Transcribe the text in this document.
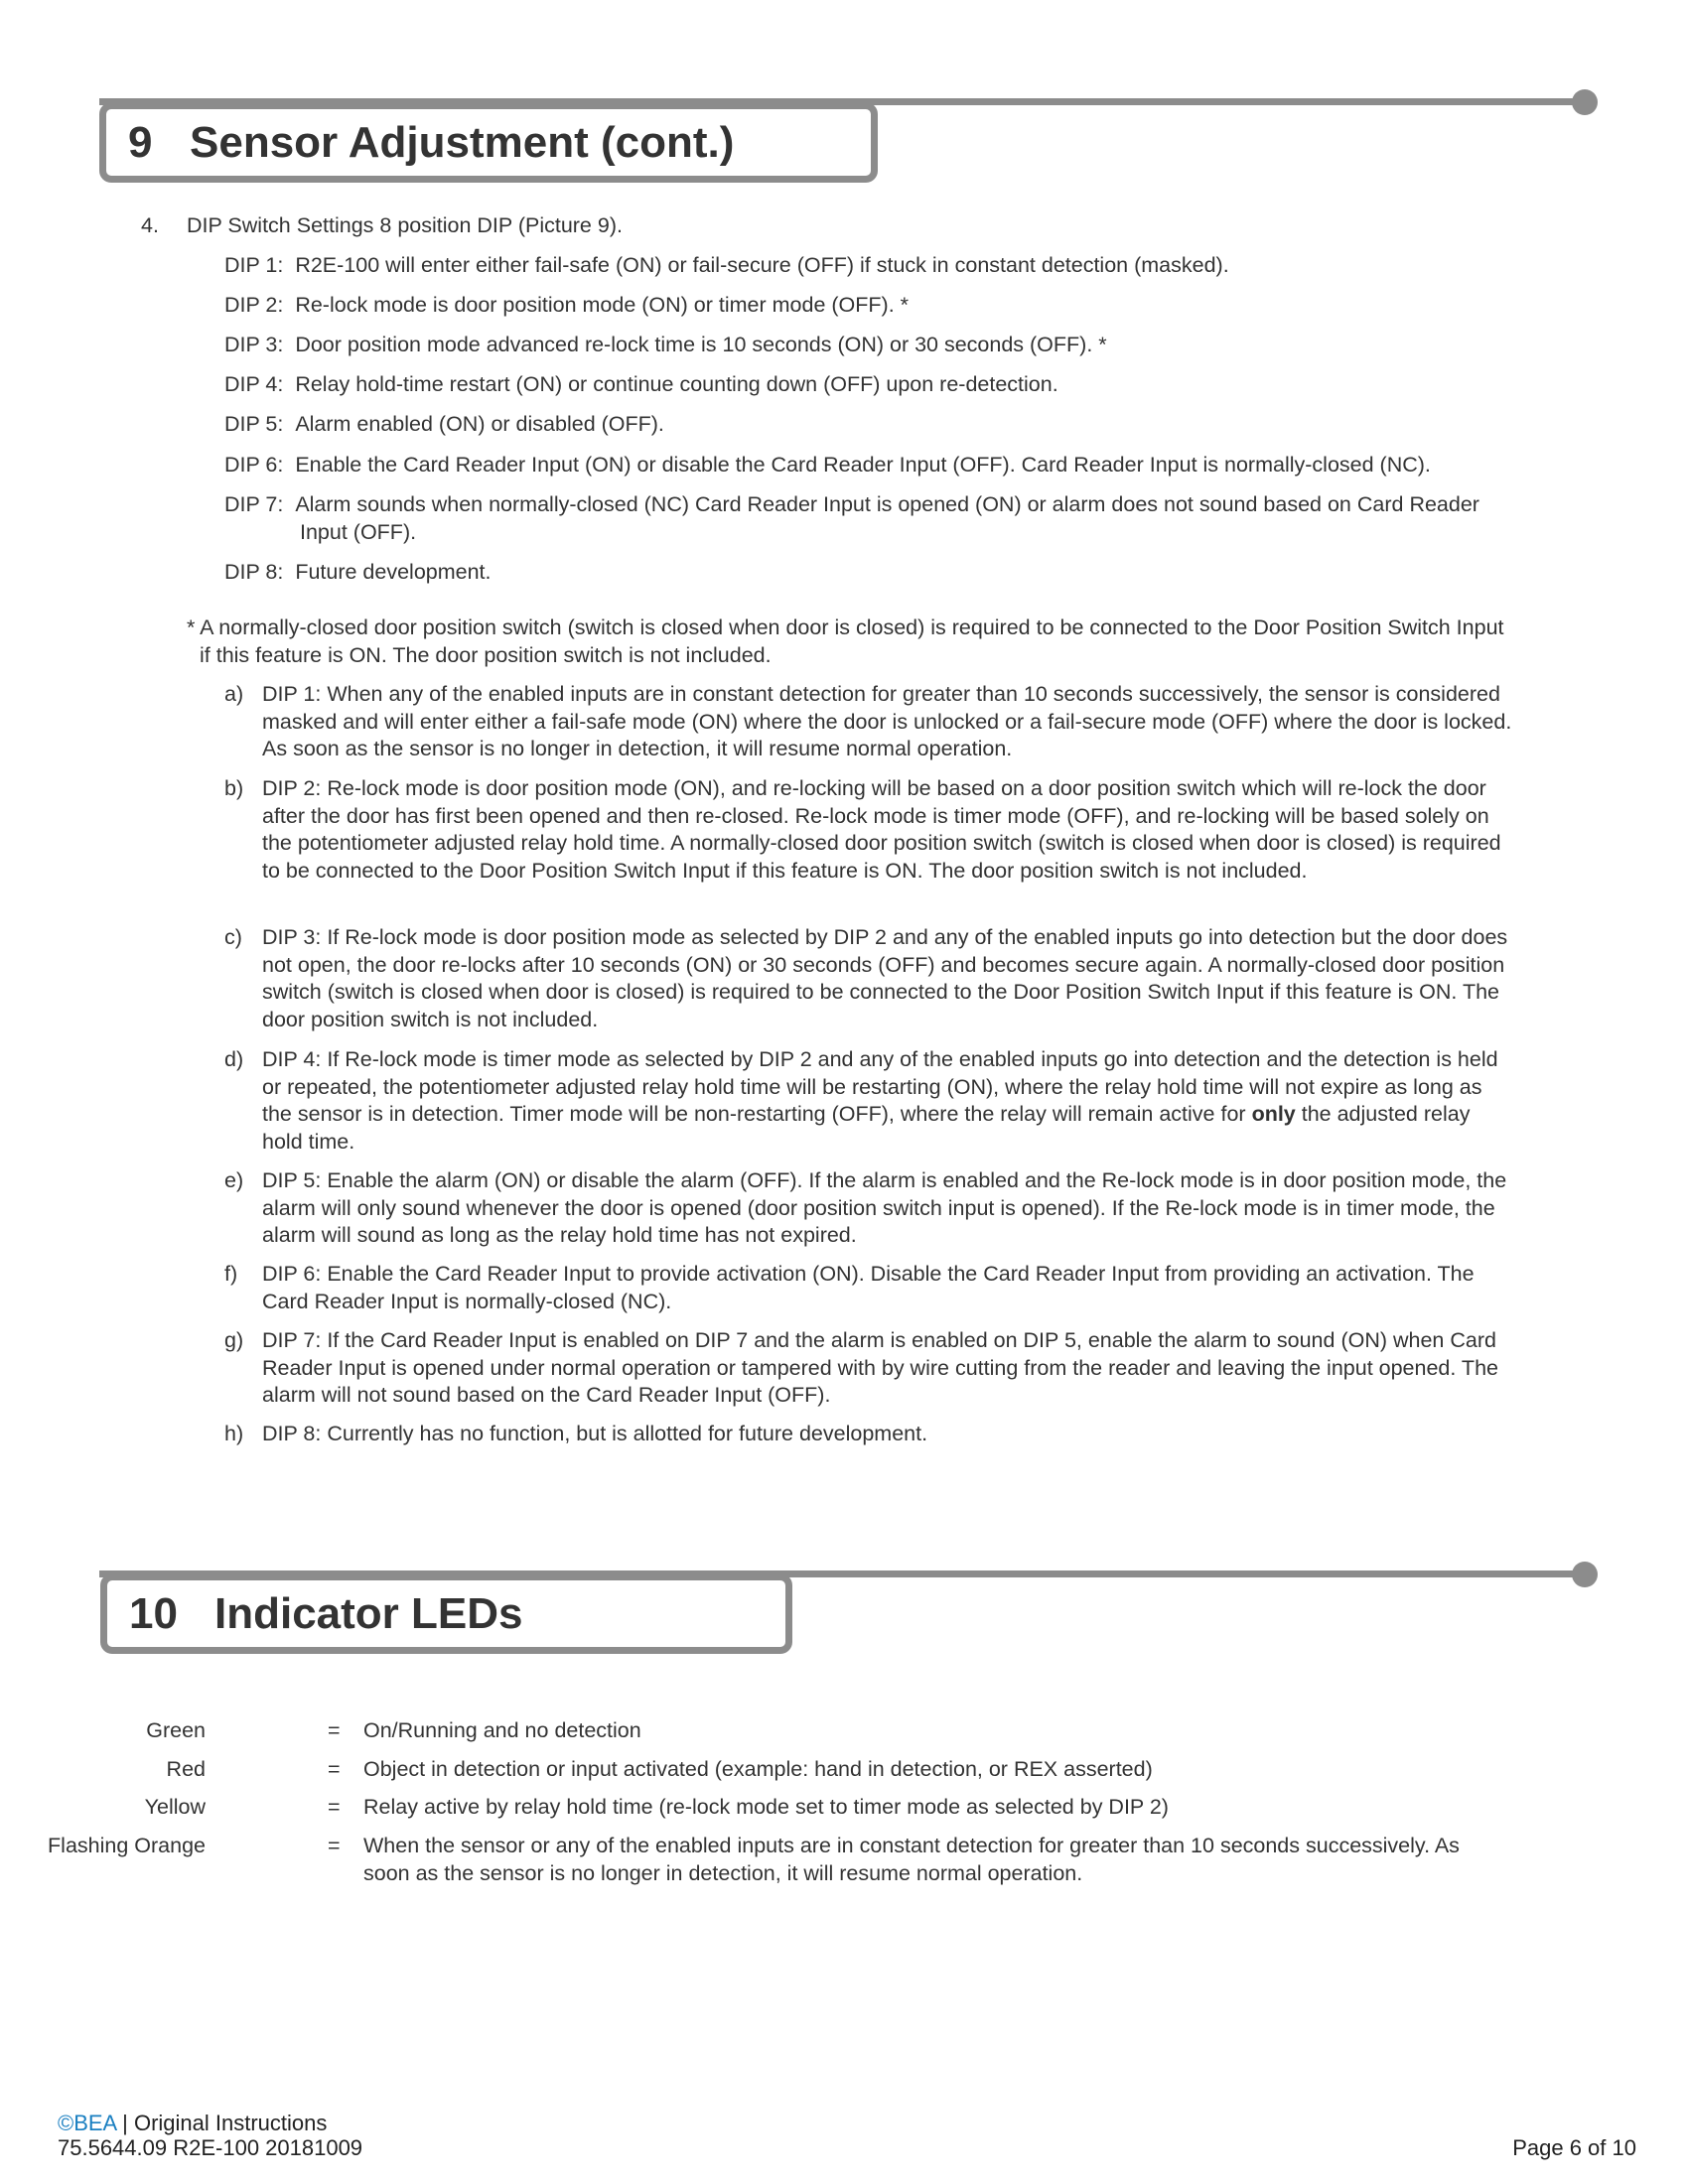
9 Sensor Adjustment (cont.)
4. DIP Switch Settings 8 position DIP (Picture 9).
DIP 1: R2E-100 will enter either fail-safe (ON) or fail-secure (OFF) if stuck in constant detection (masked).
DIP 2: Re-lock mode is door position mode (ON) or timer mode (OFF). *
DIP 3: Door position mode advanced re-lock time is 10 seconds (ON) or 30 seconds (OFF). *
DIP 4: Relay hold-time restart (ON) or continue counting down (OFF) upon re-detection.
DIP 5: Alarm enabled (ON) or disabled (OFF).
DIP 6: Enable the Card Reader Input (ON) or disable the Card Reader Input (OFF). Card Reader Input is normally-closed (NC).
DIP 7: Alarm sounds when normally-closed (NC) Card Reader Input is opened (ON) or alarm does not sound based on Card Reader Input (OFF).
DIP 8: Future development.
* A normally-closed door position switch (switch is closed when door is closed) is required to be connected to the Door Position Switch Input if this feature is ON. The door position switch is not included.
a) DIP 1: When any of the enabled inputs are in constant detection for greater than 10 seconds successively, the sensor is considered masked and will enter either a fail-safe mode (ON) where the door is unlocked or a fail-secure mode (OFF) where the door is locked. As soon as the sensor is no longer in detection, it will resume normal operation.
b) DIP 2: Re-lock mode is door position mode (ON), and re-locking will be based on a door position switch which will re-lock the door after the door has first been opened and then re-closed. Re-lock mode is timer mode (OFF), and re-locking will be based solely on the potentiometer adjusted relay hold time. A normally-closed door position switch (switch is closed when door is closed) is required to be connected to the Door Position Switch Input if this feature is ON. The door position switch is not included.
c) DIP 3: If Re-lock mode is door position mode as selected by DIP 2 and any of the enabled inputs go into detection but the door does not open, the door re-locks after 10 seconds (ON) or 30 seconds (OFF) and becomes secure again. A normally-closed door position switch (switch is closed when door is closed) is required to be connected to the Door Position Switch Input if this feature is ON. The door position switch is not included.
d) DIP 4: If Re-lock mode is timer mode as selected by DIP 2 and any of the enabled inputs go into detection and the detection is held or repeated, the potentiometer adjusted relay hold time will be restarting (ON), where the relay hold time will not expire as long as the sensor is in detection. Timer mode will be non-restarting (OFF), where the relay will remain active for only the adjusted relay hold time.
e) DIP 5: Enable the alarm (ON) or disable the alarm (OFF). If the alarm is enabled and the Re-lock mode is in door position mode, the alarm will only sound whenever the door is opened (door position switch input is opened). If the Re-lock mode is in timer mode, the alarm will sound as long as the relay hold time has not expired.
f)	DIP 6: Enable the Card Reader Input to provide activation (ON). Disable the Card Reader Input from providing an activation. The Card Reader Input is normally-closed (NC).
g) DIP 7: If the Card Reader Input is enabled on DIP 7 and the alarm is enabled on DIP 5, enable the alarm to sound (ON) when Card Reader Input is opened under normal operation or tampered with by wire cutting from the reader and leaving the input opened. The alarm will not sound based on the Card Reader Input (OFF).
h) DIP 8: Currently has no function, but is allotted for future development.
10 Indicator LEDs
Green	= On/Running and no detection
Red	= Object in detection or input activated (example: hand in detection, or REX asserted)
Yellow	= Relay active by relay hold time (re-lock mode set to timer mode as selected by DIP 2)
Flashing Orange	= When the sensor or any of the enabled inputs are in constant detection for greater than 10 seconds successively. As soon as the sensor is no longer in detection, it will resume normal operation.
©BEA | Original Instructions
75.5644.09 R2E-100 20181009	Page 6 of 10
